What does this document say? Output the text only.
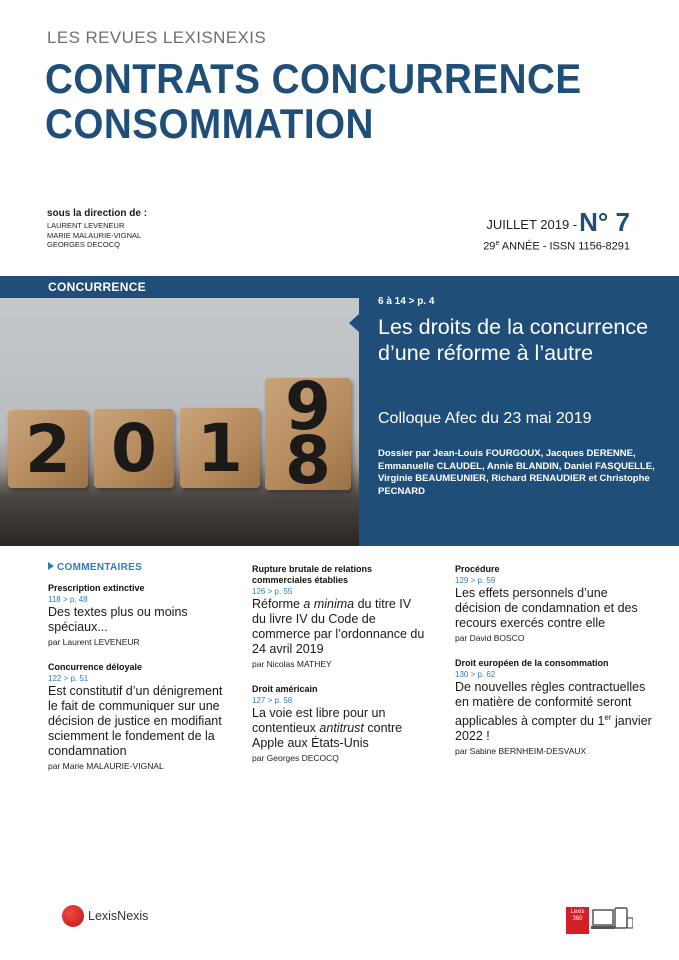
LES REVUES LEXISNEXIS
CONTRATS CONCURRENCE
CONSOMMATION
sous la direction de :
LAURENT LEVENEUR
MARIE MALAURIE-VIGNAL
GEORGES DECOCQ
JUILLET 2019 -N° 7
29e ANNÉE - ISSN 1156-8291
2 0 1
9
8
CONCURRENCE
6 à 14 > p. 4
Les droits de la concurrence d’une réforme à l’autre
Colloque Afec du 23 mai 2019
Dossier par Jean-Louis FOURGOUX, Jacques DERENNE, Emmanuelle CLAUDEL, Annie BLANDIN, Daniel FASQUELLE, Virginie BEAUMEUNIER, Richard RENAUDIER et Christophe PECNARD
COMMENTAIRES
Prescription extinctive
118 > p. 48
Des textes plus ou moins spéciaux...
par Laurent LEVENEUR
Concurrence déloyale
122 > p. 51
Est constitutif d’un dénigrement le fait de communiquer sur une décision de justice en modifiant sciemment le fondement de la condamnation
par Marie MALAURIE-VIGNAL
Rupture brutale de relations commerciales établies
126 > p. 55
Réforme a minima du titre IV du livre IV du Code de commerce par l’ordonnance du 24 avril 2019
par Nicolas MATHEY
Droit américain
127 > p. 58
La voie est libre pour un contentieux antitrust contre Apple aux États-Unis
par Georges DECOCQ
Procédure
129 > p. 59
Les effets personnels d’une décision de condamnation et des recours exercés contre elle
par David BOSCO
Droit européen de la consommation
130 > p. 62
De nouvelles règles contractuelles en matière de conformité seront applicables à compter du 1er janvier 2022 !
par Sabine BERNHEIM-DESVAUX
LexisNexis	Lexis
360
